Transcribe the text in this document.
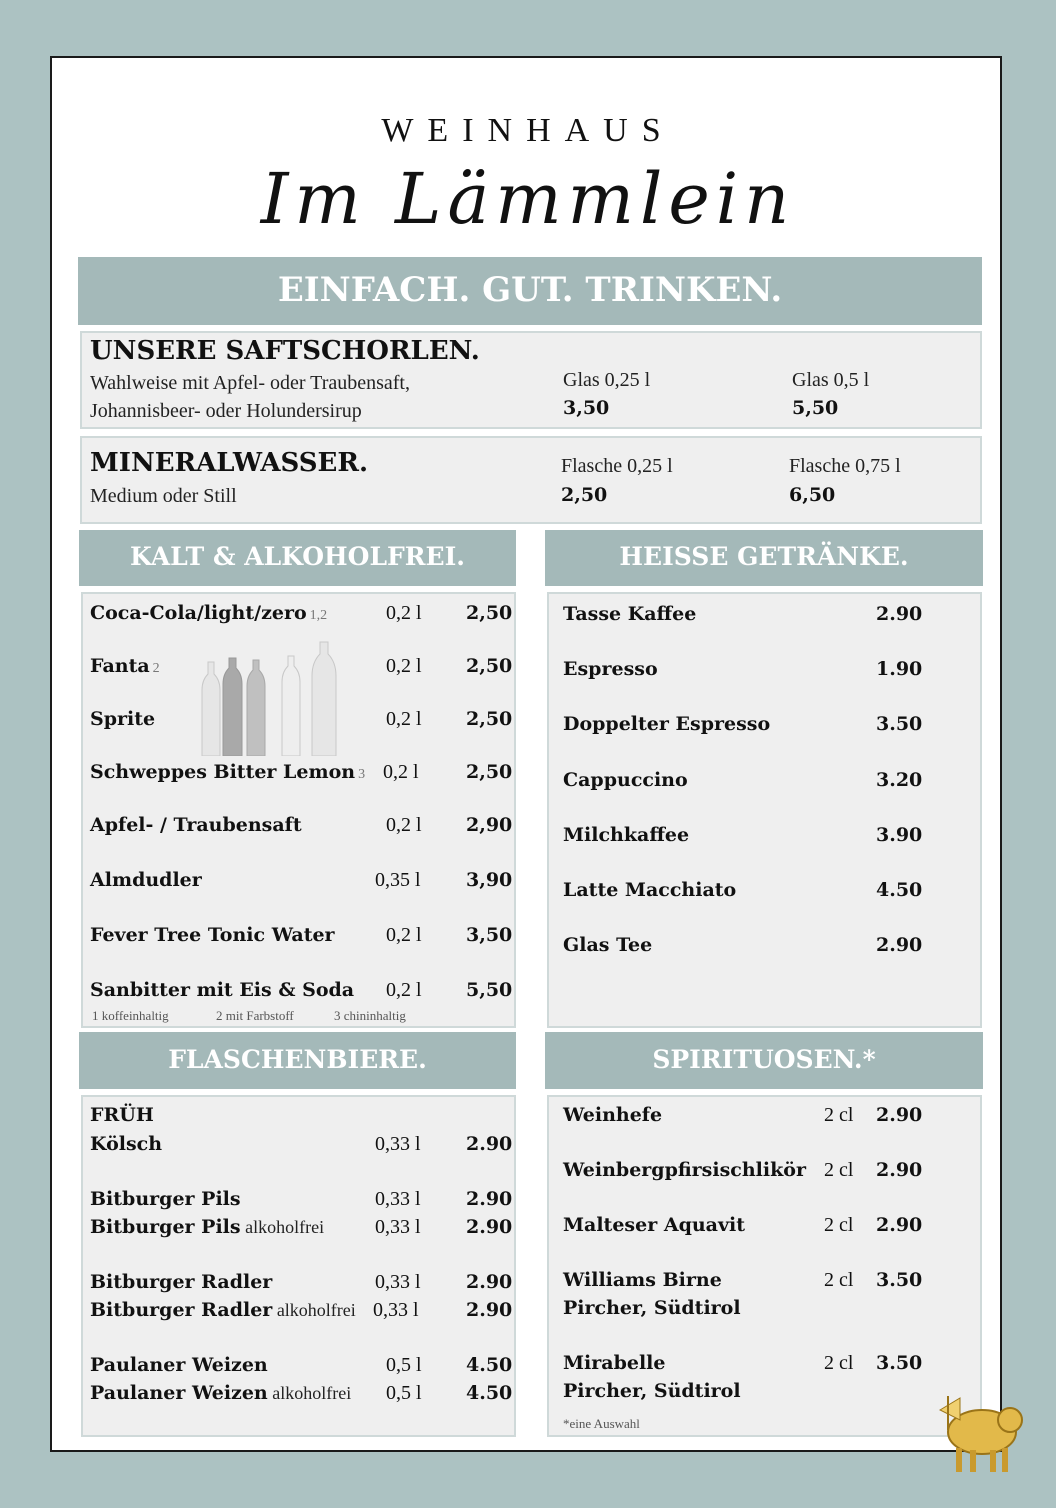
WEINHAUS
Im Lämmlein
EINFACH. GUT. TRINKEN.
UNSERE SAFTSCHORLEN.
Wahlweise mit Apfel- oder Traubensaft,
Johannisbeer- oder Holundersirup
Glas 0,25 l
3,50
Glas 0,5 l
5,50
MINERALWASSER.
Medium oder Still
Flasche 0,25 l
2,50
Flasche 0,75 l
6,50
KALT & ALKOHOLFREI.
Coca-Cola/light/zero 1,2	0,2 l 2,50
Fanta 2	0,2 l 2,50
Sprite	0,2 l 2,50
Schweppes Bitter Lemon 3 0,2 l 2,50
Apfel- / Traubensaft	0,2 l 2,90
Almdudler	0,35 l 3,90
Fever Tree Tonic Water	0,2 l 3,50
Sanbitter mit Eis & Soda 0,2 l 5,50
1 koffeinhaltig	2 mit Farbstoff	3 chininhaltig
HEISSE GETRÄNKE.
Tasse Kaffee	2.90
Espresso	1.90
Doppelter Espresso	3.50
Cappuccino	3.20
Milchkaffee	3.90
Latte Macchiato	4.50
Glas Tee	2.90
FLASCHENBIERE.
FRÜH
Kölsch	0,33 l 2.90
Bitburger Pils	0,33 l 2.90
Bitburger Pils alkoholfrei	0,33 l 2.90
Bitburger Radler	0,33 l 2.90
Bitburger Radler alkoholfrei 0,33 l 2.90
Paulaner Weizen	0,5 l 4.50
Paulaner Weizen alkoholfrei 0,5 l 4.50
SPIRITUOSEN.*
Weinhefe	2 cl 2.90
Weinbergpfirsischlikör 2 cl 2.90
Malteser Aquavit	2 cl 2.90
Williams Birne
Pircher, Südtirol
2 cl 3.50
Mirabelle
Pircher, Südtirol
2 cl 3.50
*eine Auswahl
